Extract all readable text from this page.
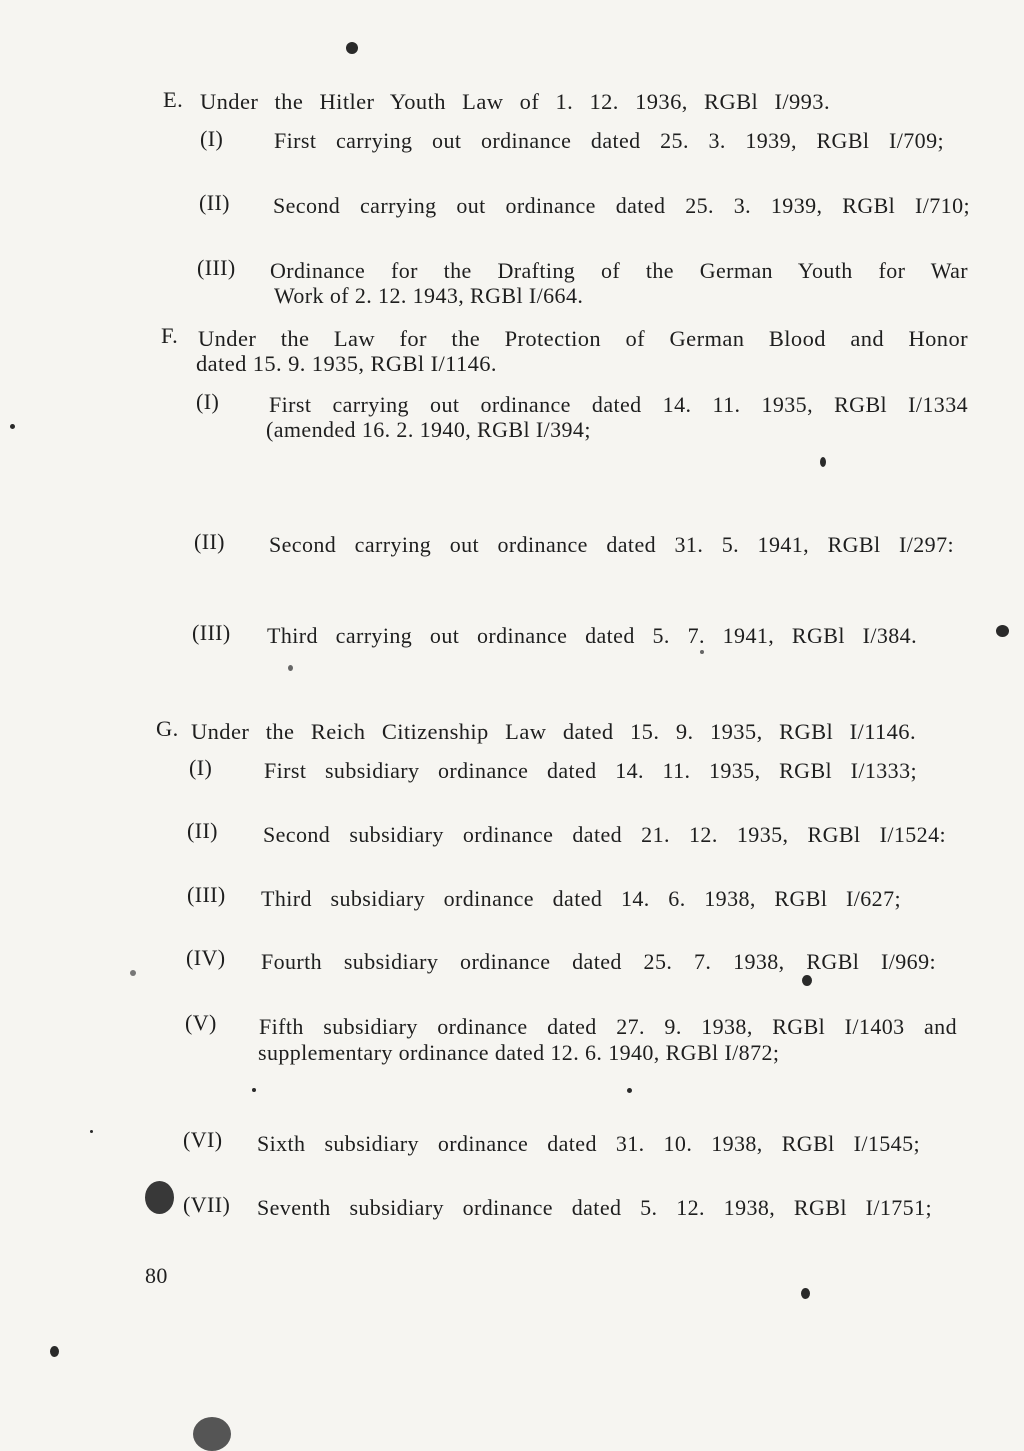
E. Under the Hitler Youth Law of 1. 12. 1936, RGBl I/993.
(I) First carrying out ordinance dated 25. 3. 1939, RGBl I/709;
(II) Second carrying out ordinance dated 25. 3. 1939, RGBl I/710;
(III) Ordinance for the Drafting of the German Youth for War
Work of 2. 12. 1943, RGBl I/664.
F. Under the Law for the Protection of German Blood and Honor
dated 15. 9. 1935, RGBl I/1146.
(I) First carrying out ordinance dated 14. 11. 1935, RGBl I/1334
(amended 16. 2. 1940, RGBl I/394;
(II) Second carrying out ordinance dated 31. 5. 1941, RGBl I/297:
(III) Third carrying out ordinance dated 5. 7. 1941, RGBl I/384.
G. Under the Reich Citizenship Law dated 15. 9. 1935, RGBl I/1146.
(I) First subsidiary ordinance dated 14. 11. 1935, RGBl I/1333;
(II) Second subsidiary ordinance dated 21. 12. 1935, RGBl I/1524:
(III) Third subsidiary ordinance dated 14. 6. 1938, RGBl I/627;
(IV) Fourth subsidiary ordinance dated 25. 7. 1938, RGBl I/969:
(V) Fifth subsidiary ordinance dated 27. 9. 1938, RGBl I/1403 and
supplementary ordinance dated 12. 6. 1940, RGBl I/872;
(VI) Sixth subsidiary ordinance dated 31. 10. 1938, RGBl I/1545;
(VII) Seventh subsidiary ordinance dated 5. 12. 1938, RGBl I/1751;
80
